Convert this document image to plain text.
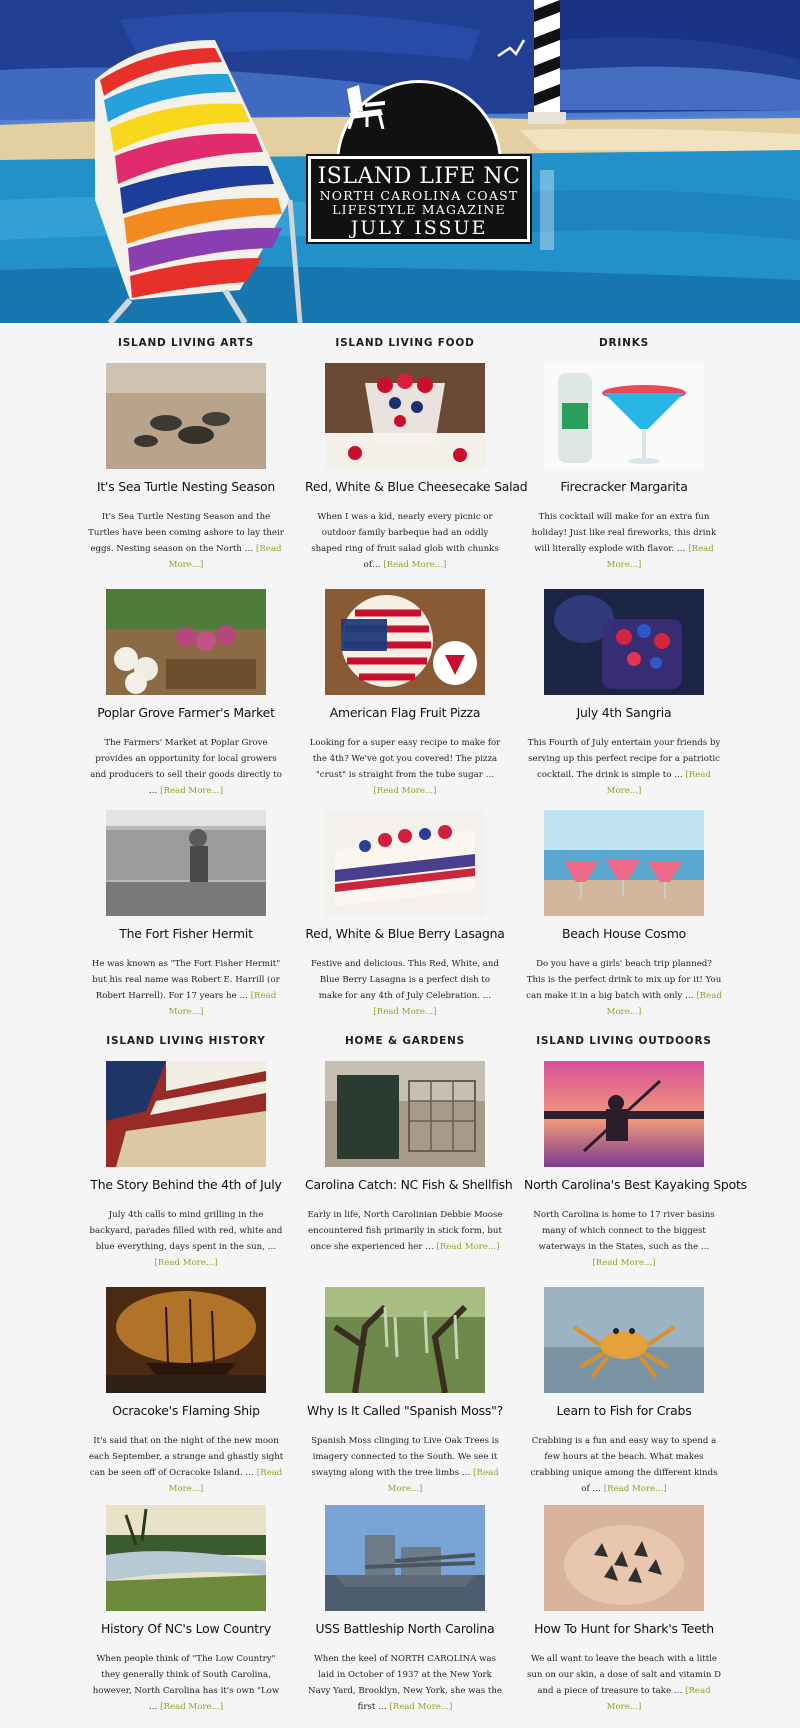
ISLAND LIFE NC
NORTH CAROLINA COAST
LIFESTYLE MAGAZINE
JULY ISSUE
ISLAND LIVING ARTS	ISLAND LIVING FOOD	DRINKS
ISLAND LIVING HISTORY	HOME & GARDENS	ISLAND LIVING OUTDOORS
It's Sea Turtle Nesting Season

It's Sea Turtle Nesting Season and the Turtles have been coming ashore to lay their eggs. Nesting season on the North … [Read More...]

Red, White & Blue Cheesecake Salad

When I was a kid, nearly every picnic or outdoor family barbeque had an oddly shaped ring of fruit salad glob with chunks of… [Read More...]

Firecracker Margarita

This cocktail will make for an extra fun holiday! Just like real fireworks, this drink will literally explode with flavor. … [Read More...]

Poplar Grove Farmer's Market

The Farmers' Market at Poplar Grove provides an opportunity for local growers and producers to sell their goods directly to … [Read More...]

American Flag Fruit Pizza

Looking for a super easy recipe to make for the 4th? We've got you covered! The pizza "crust" is straight from the tube sugar … [Read More...]

July 4th Sangria

This Fourth of July entertain your friends by serving up this perfect recipe for a patriotic cocktail. The drink is simple to … [Read More...]

The Fort Fisher Hermit

He was known as "The Fort Fisher Hermit" but his real name was Robert E. Harrill (or Robert Harrell). For 17 years he … [Read More...]

Red, White & Blue Berry Lasagna

Festive and delicious. This Red, White, and Blue Berry Lasagna is a perfect dish to make for any 4th of July Celebration. … [Read More...]

Beach House Cosmo

Do you have a girls' beach trip planned? This is the perfect drink to mix up for it! You can make it in a big batch with only … [Read More...]

The Story Behind the 4th of July

July 4th calls to mind grilling in the backyard, parades filled with red, white and blue everything, days spent in the sun, … [Read More...]

Carolina Catch: NC Fish & Shellfish

Early in life, North Carolinian Debbie Moose encountered fish primarily in stick form, but once she experienced her … [Read More...]

North Carolina's Best Kayaking Spots

North Carolina is home to 17 river basins many of which connect to the biggest waterways in the States, such as the … [Read More...]

Ocracoke's Flaming Ship

It's said that on the night of the new moon each September, a strange and ghastly sight can be seen off of Ocracoke Island. … [Read More...]

Why Is It Called "Spanish Moss"?

Spanish Moss clinging to Live Oak Trees is imagery connected to the South. We see it swaying along with the tree limbs … [Read More...]

Learn to Fish for Crabs

Crabbing is a fun and easy way to spend a few hours at the beach. What makes crabbing unique among the different kinds of … [Read More...]

History Of NC's Low Country

When people think of "The Low Country" they generally think of South Carolina, however, North Carolina has it's own "Low … [Read More...]

USS Battleship North Carolina

When the keel of NORTH CAROLINA was laid in October of 1937 at the New York Navy Yard, Brooklyn, New York, she was the first … [Read More...]

How To Hunt for Shark's Teeth

We all want to leave the beach with a little sun on our skin, a dose of salt and vitamin D and a piece of treasure to take … [Read More...]
